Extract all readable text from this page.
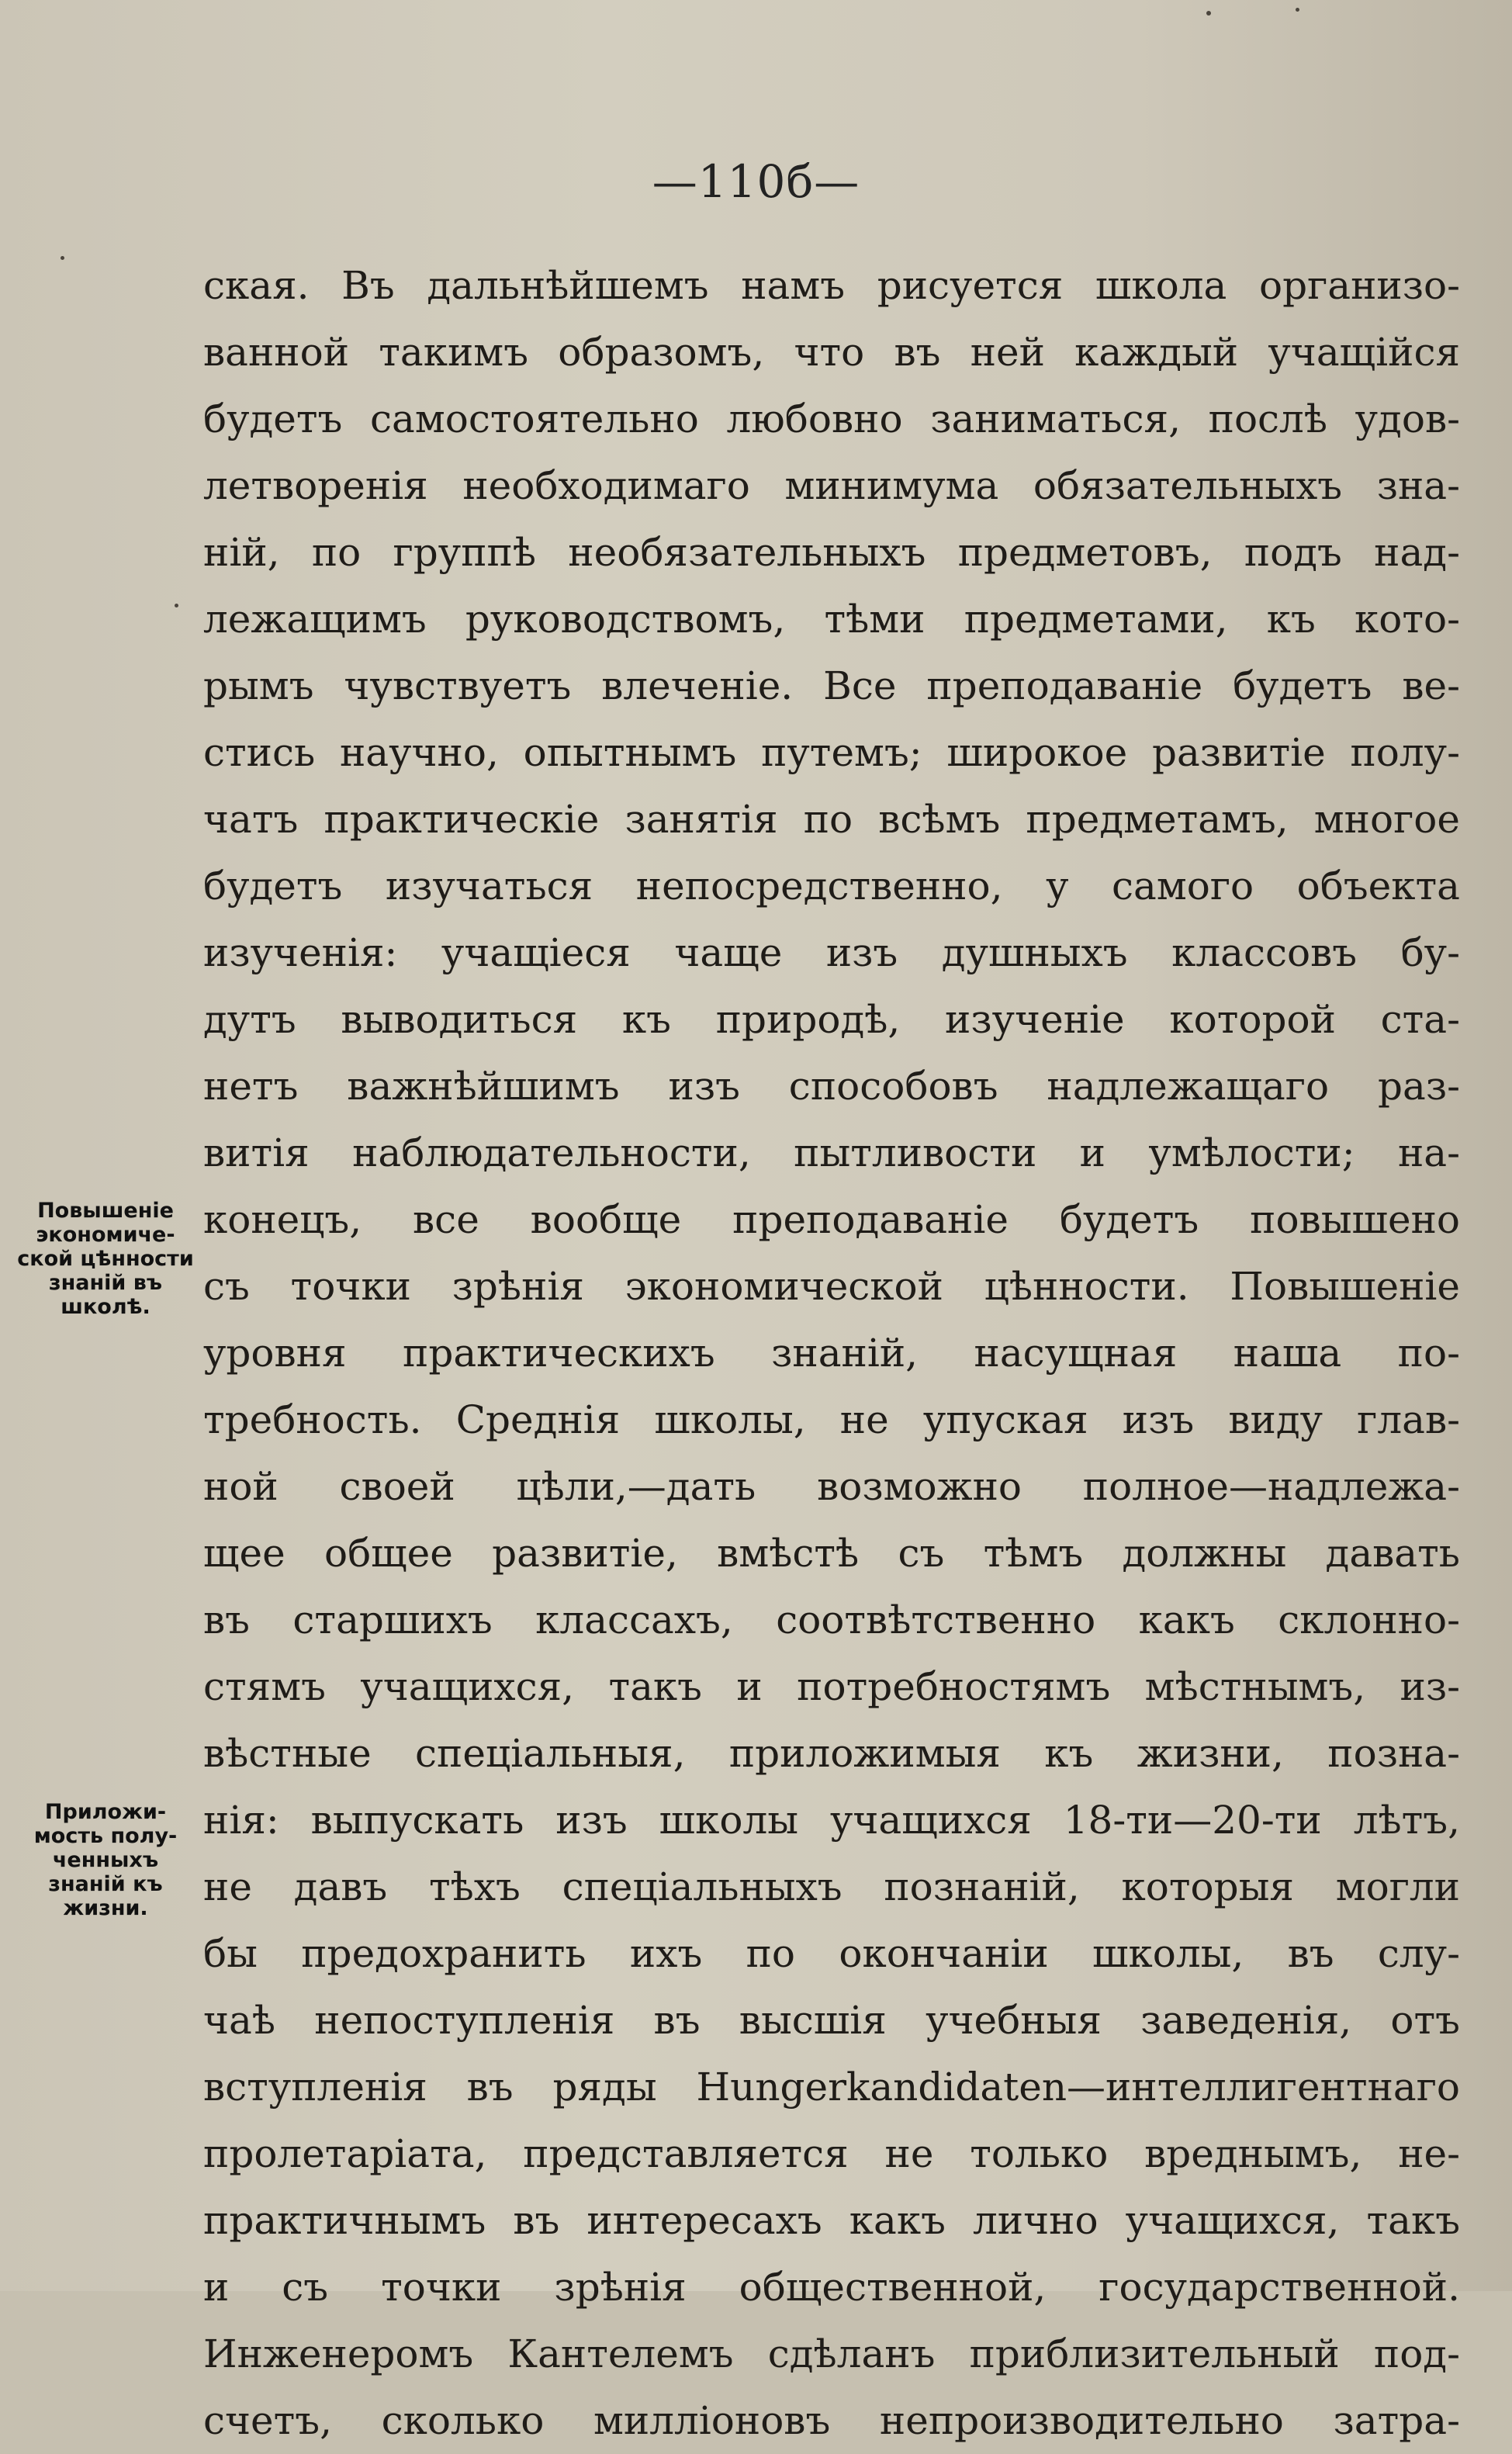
—110б—
ская. Въ дальнѣйшемъ намъ рисуется школа организо-
ванной такимъ образомъ, что въ ней каждый учащійся
будетъ самостоятельно любовно заниматься, послѣ удов-
летворенія необходимаго минимума обязательныхъ зна-
ній, по группѣ необязательныхъ предметовъ, подъ над-
лежащимъ руководствомъ, тѣми предметами, къ кото-
рымъ чувствуетъ влеченіе. Все преподаваніе будетъ ве-
стись научно, опытнымъ путемъ; широкое развитіе полу-
чатъ практическіе занятія по всѣмъ предметамъ, многое
будетъ изучаться непосредственно, у самого объекта
изученія: учащіеся чаще изъ душныхъ классовъ бу-
дутъ выводиться къ природѣ, изученіе которой ста-
нетъ важнѣйшимъ изъ способовъ надлежащаго раз-
витія наблюдательности, пытливости и умѣлости; на-
конецъ, все вообще преподаваніе будетъ повышено
съ точки зрѣнія экономической цѣнности. Повышеніе
уровня практическихъ знаній, насущная наша по-
требность. Среднія школы, не упуская изъ виду глав-
ной своей цѣли,—дать возможно полное—надлежа-
щее общее развитіе, вмѣстѣ съ тѣмъ должны давать
въ старшихъ классахъ, соотвѣтственно какъ склонно-
стямъ учащихся, такъ и потребностямъ мѣстнымъ, из-
вѣстные спеціальныя, приложимыя къ жизни, позна-
нія: выпускать изъ школы учащихся 18-ти—20-ти лѣтъ,
не давъ тѣхъ спеціальныхъ познаній, которыя могли
бы предохранить ихъ по окончаніи школы, въ слу-
чаѣ непоступленія въ высшія учебныя заведенія, отъ
вступленія въ ряды Hungerkandidaten—интеллигентнаго
пролетаріата, представляется не только вреднымъ, не-
практичнымъ въ интересахъ какъ лично учащихся, такъ
и съ точки зрѣнія общественной, государственной.
Инженеромъ Кантелемъ сдѣланъ приблизительный под-
счетъ, сколько милліоновъ непроизводительно затра-
Повышеніе
экономиче-
ской цѣнности
знаній въ
школѣ.
Приложи-
мость полу-
ченныхъ
знаній къ
жизни.
